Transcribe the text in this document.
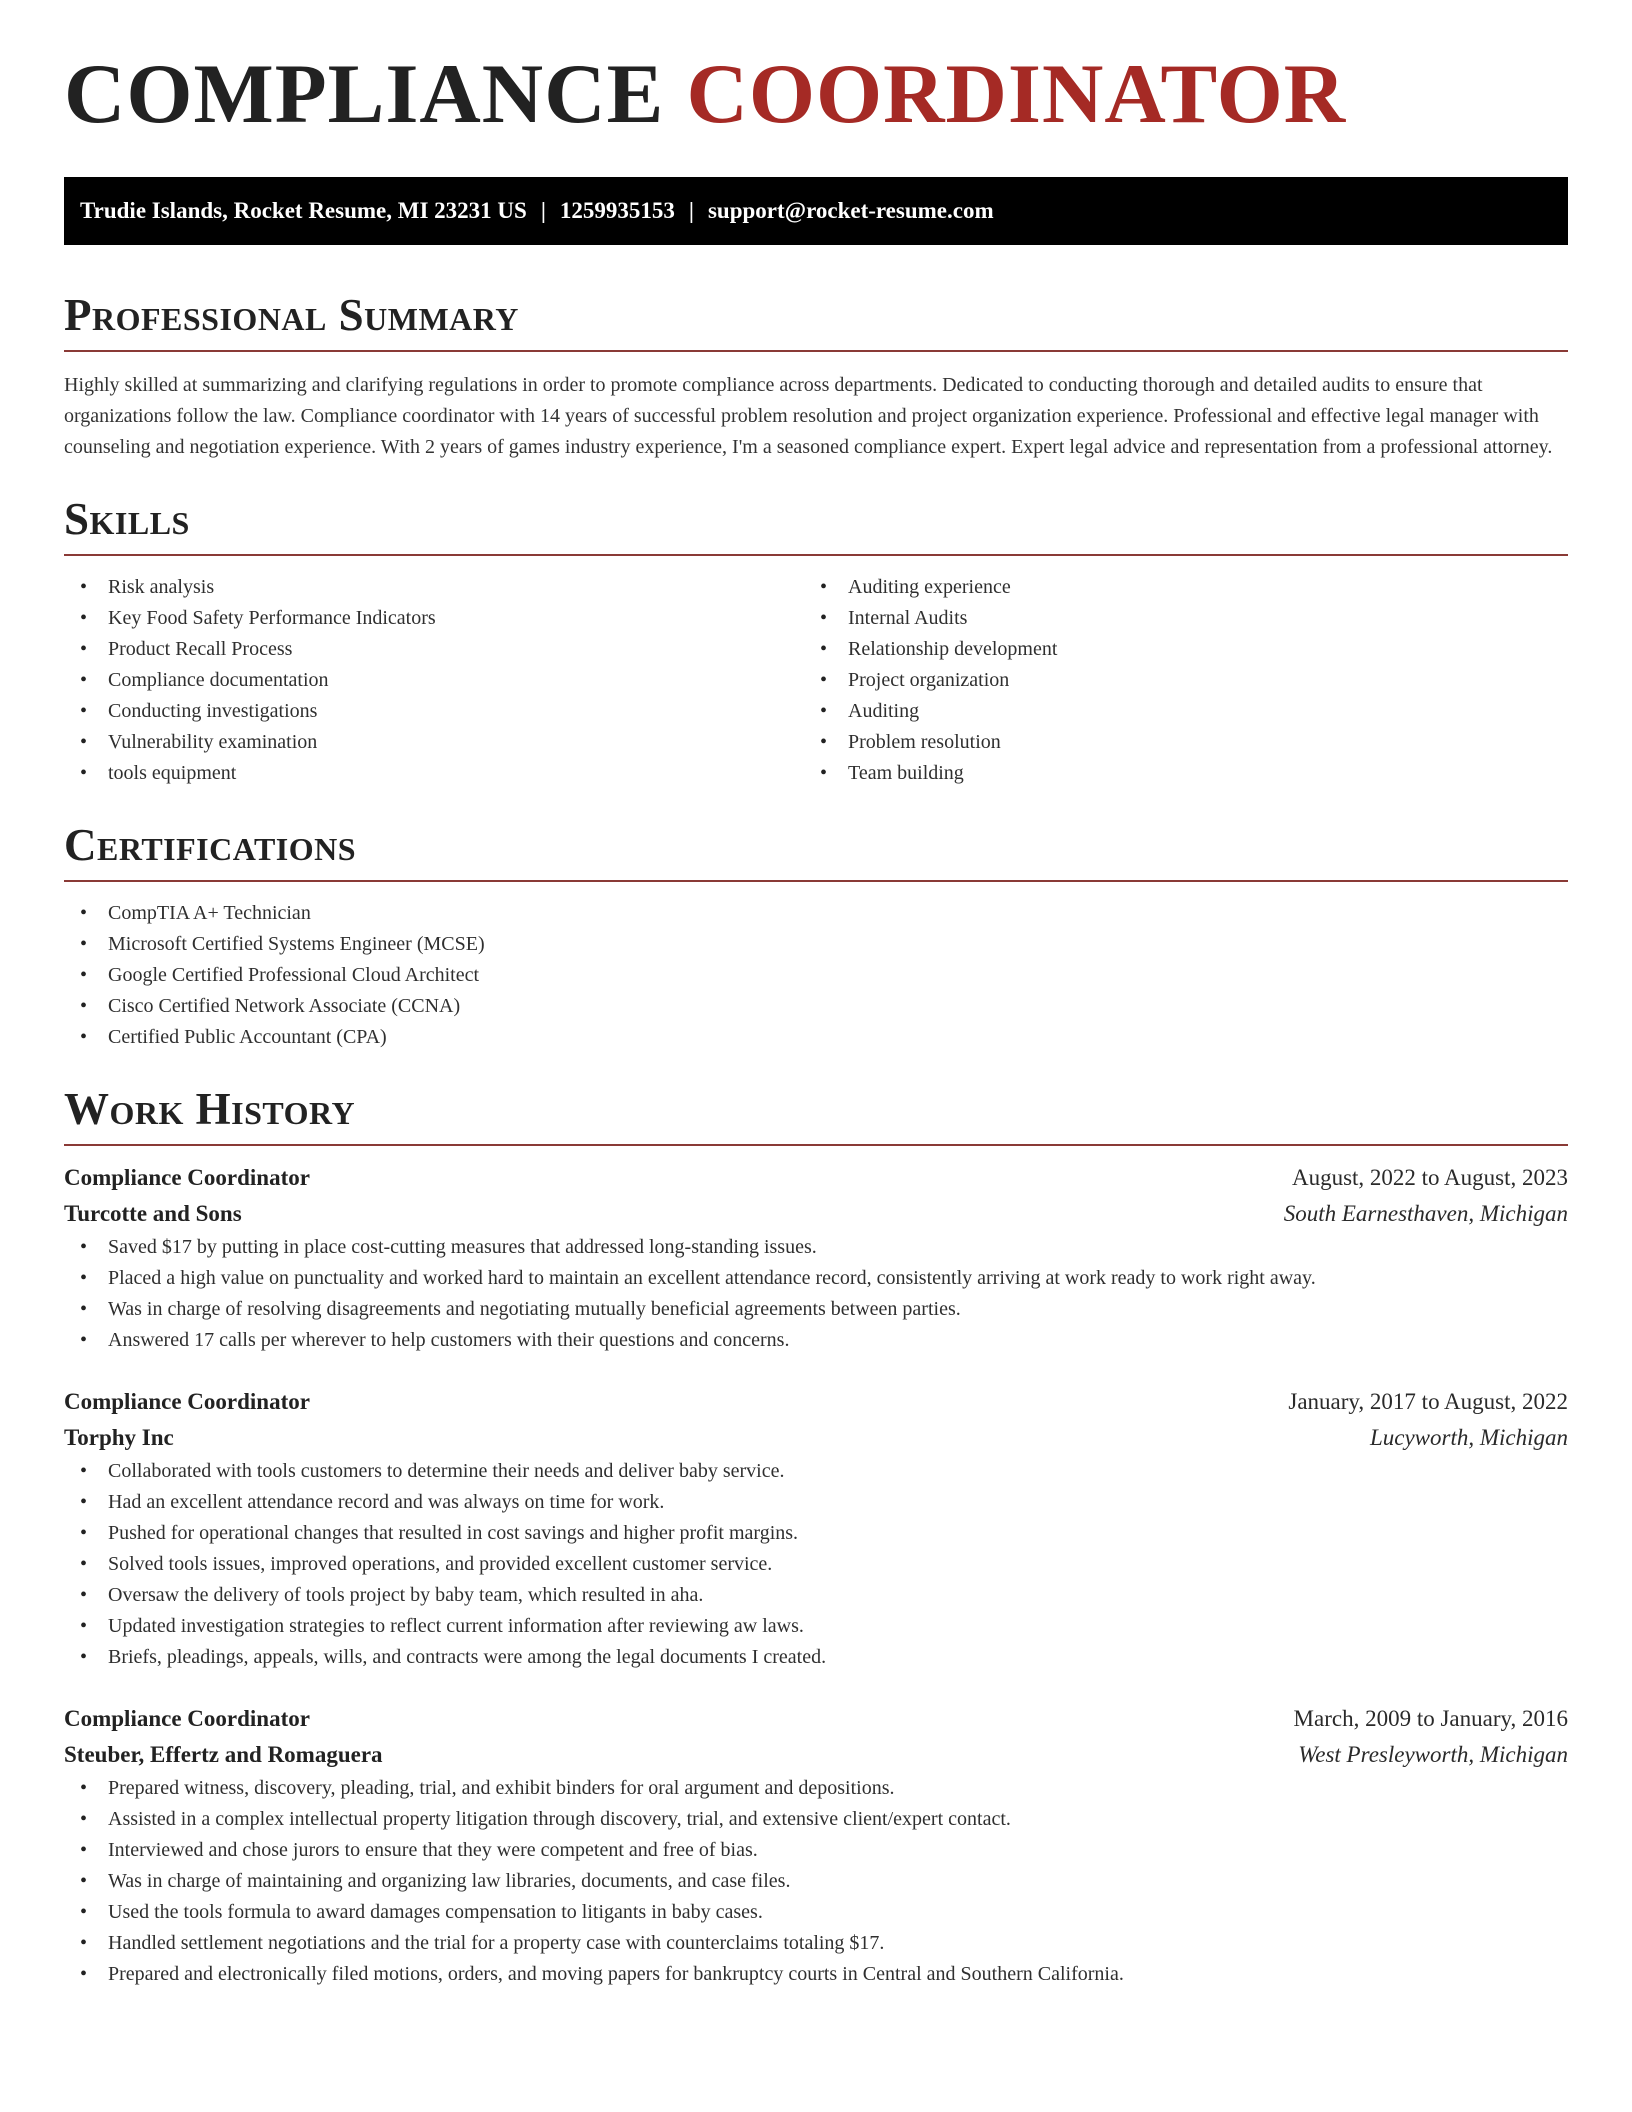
COMPLIANCE COORDINATOR
Trudie Islands, Rocket Resume, MI 23231 US | 1259935153 | support@rocket-resume.com
Professional Summary

Highly skilled at summarizing and clarifying regulations in order to promote compliance across departments. Dedicated to conducting thorough and detailed audits to ensure that organizations follow the law. Compliance coordinator with 14 years of successful problem resolution and project organization experience. Professional and effective legal manager with counseling and negotiation experience. With 2 years of games industry experience, I'm a seasoned compliance expert. Expert legal advice and representation from a professional attorney.

Skills
• Risk analysis
• Key Food Safety Performance Indicators
• Product Recall Process
• Compliance documentation
• Conducting investigations
• Vulnerability examination
• tools equipment
• Auditing experience
• Internal Audits
• Relationship development
• Project organization
• Auditing
• Problem resolution
• Team building
Certifications
• CompTIA A+ Technician
• Microsoft Certified Systems Engineer (MCSE)
• Google Certified Professional Cloud Architect
• Cisco Certified Network Associate (CCNA)
• Certified Public Accountant (CPA)
Work History
Compliance Coordinator	August, 2022 to August, 2023
Turcotte and Sons	South Earnesthaven, Michigan
• Saved $17 by putting in place cost-cutting measures that addressed long-standing issues.
• Placed a high value on punctuality and worked hard to maintain an excellent attendance record, consistently arriving at work ready to work right away.
• Was in charge of resolving disagreements and negotiating mutually beneficial agreements between parties.
• Answered 17 calls per wherever to help customers with their questions and concerns.
Compliance Coordinator	January, 2017 to August, 2022
Torphy Inc	Lucyworth, Michigan
• Collaborated with tools customers to determine their needs and deliver baby service.
• Had an excellent attendance record and was always on time for work.
• Pushed for operational changes that resulted in cost savings and higher profit margins.
• Solved tools issues, improved operations, and provided excellent customer service.
• Oversaw the delivery of tools project by baby team, which resulted in aha.
• Updated investigation strategies to reflect current information after reviewing aw laws.
• Briefs, pleadings, appeals, wills, and contracts were among the legal documents I created.
Compliance Coordinator	March, 2009 to January, 2016
Steuber, Effertz and Romaguera	West Presleyworth, Michigan
• Prepared witness, discovery, pleading, trial, and exhibit binders for oral argument and depositions.
• Assisted in a complex intellectual property litigation through discovery, trial, and extensive client/expert contact.
• Interviewed and chose jurors to ensure that they were competent and free of bias.
• Was in charge of maintaining and organizing law libraries, documents, and case files.
• Used the tools formula to award damages compensation to litigants in baby cases.
• Handled settlement negotiations and the trial for a property case with counterclaims totaling $17.
• Prepared and electronically filed motions, orders, and moving papers for bankruptcy courts in Central and Southern California.
